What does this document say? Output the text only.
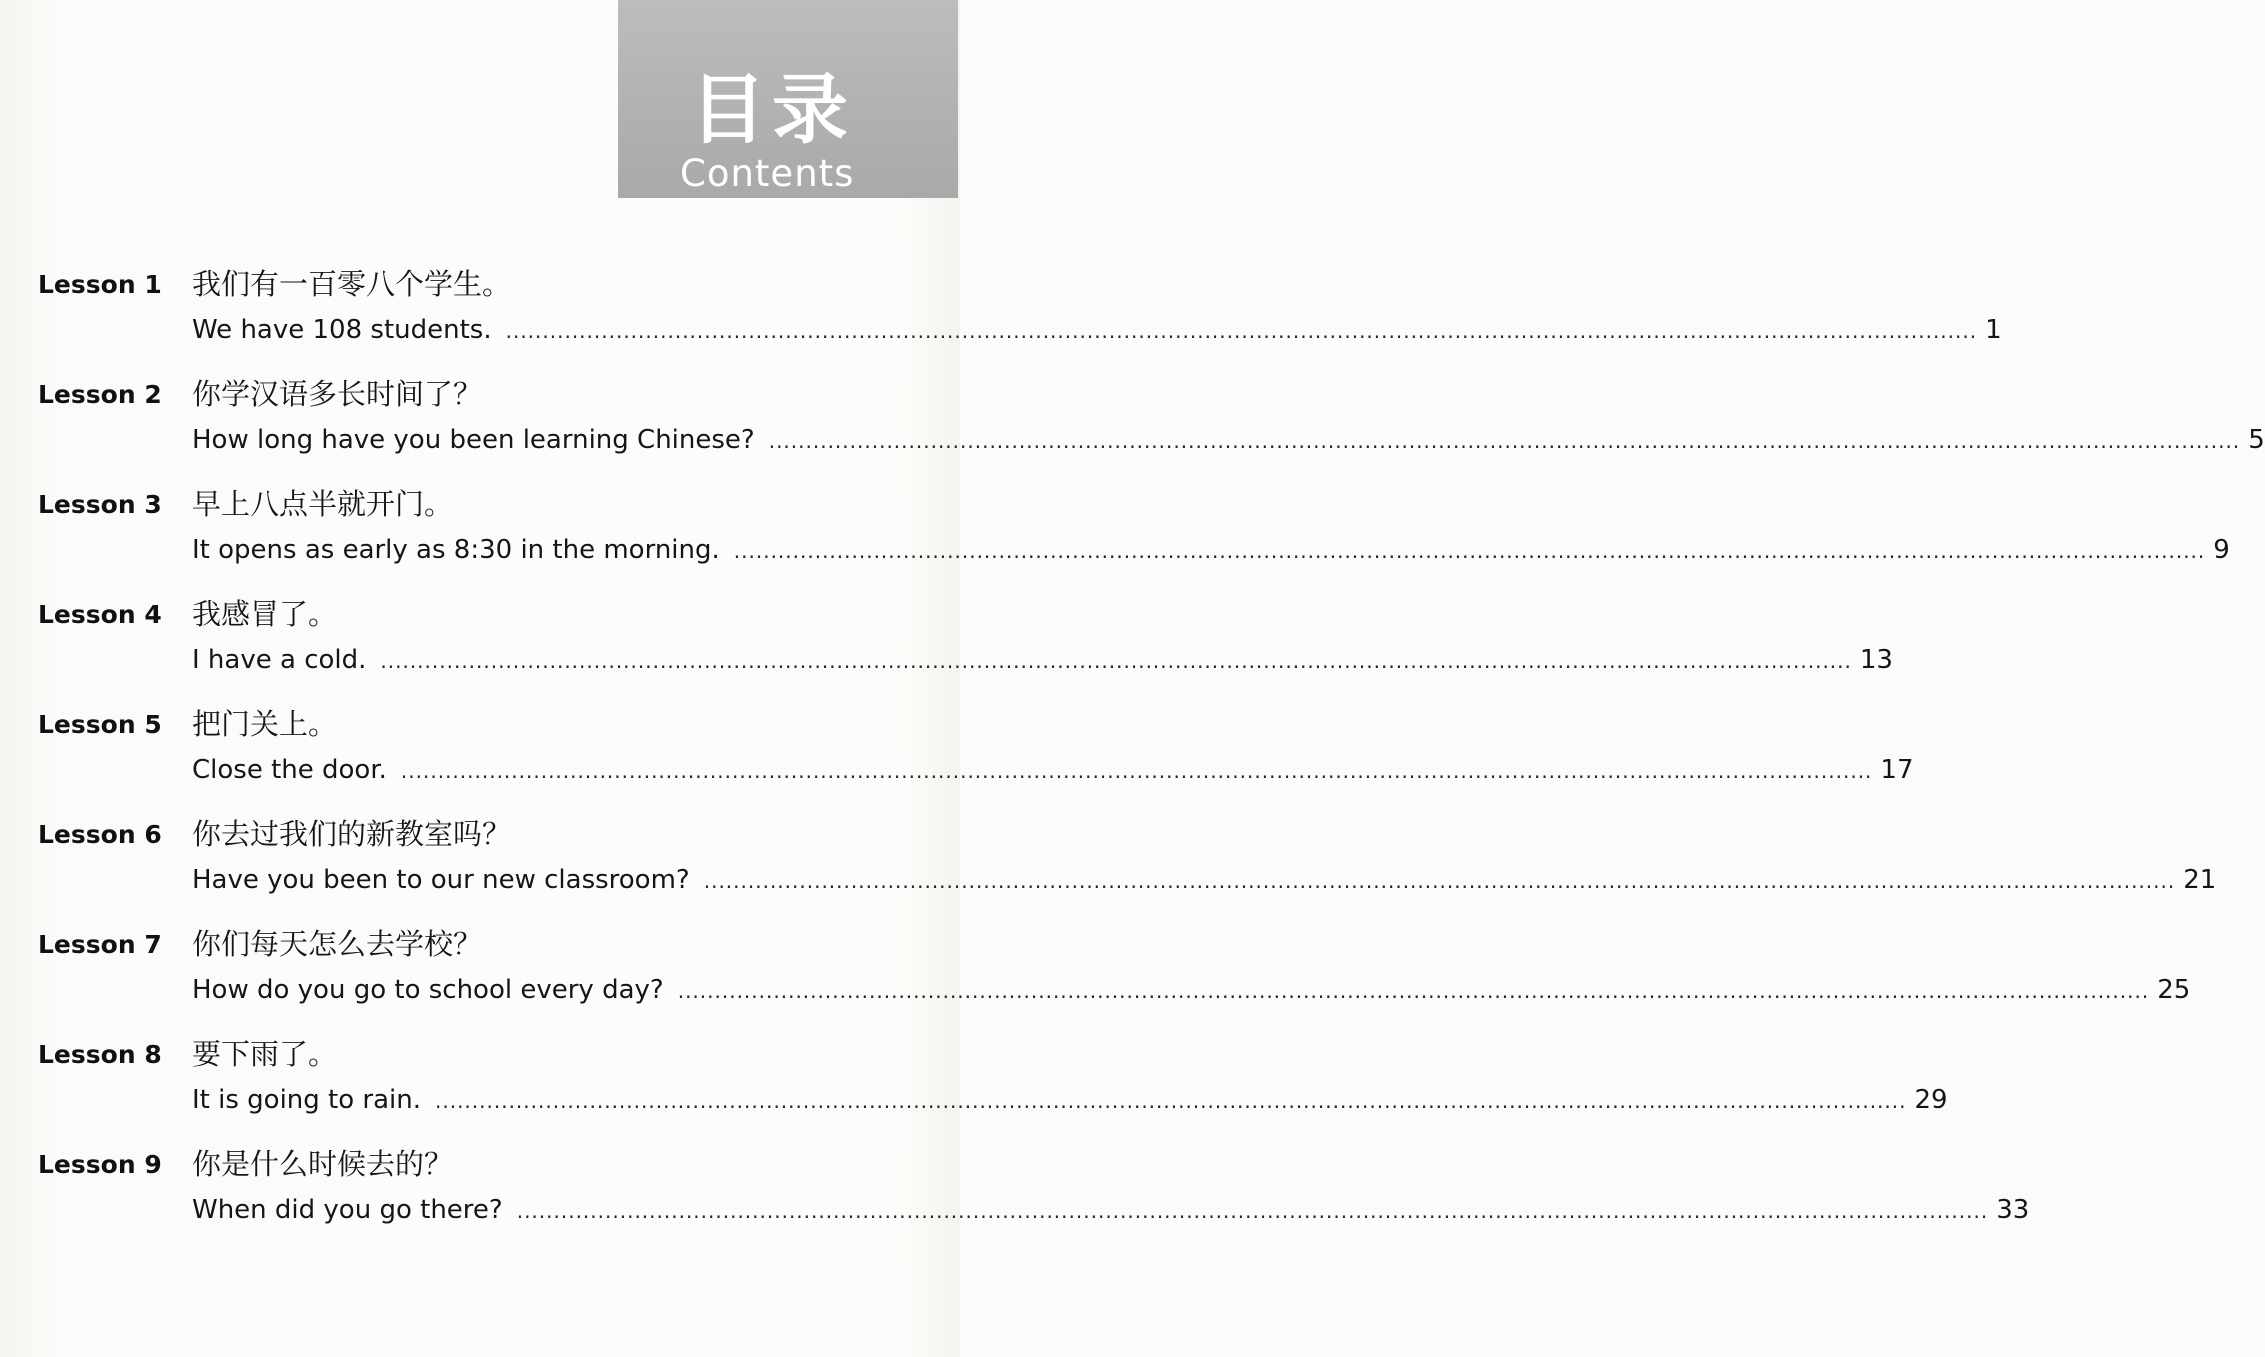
目录
Contents
Lesson 1 我们有一百零八个学生。
We have 108 students. ........................................................................................................................................................................................................ 1
Lesson 2 你学汉语多长时间了？
How long have you been learning Chinese? ........................................................................................................................................................................................................ 5
Lesson 3 早上八点半就开门。
It opens as early as 8:30 in the morning. ........................................................................................................................................................................................................ 9
Lesson 4 我感冒了。
I have a cold. ........................................................................................................................................................................................................ 13
Lesson 5 把门关上。
Close the door. ........................................................................................................................................................................................................ 17
Lesson 6 你去过我们的新教室吗？
Have you been to our new classroom? ........................................................................................................................................................................................................ 21
Lesson 7 你们每天怎么去学校？
How do you go to school every day? ........................................................................................................................................................................................................ 25
Lesson 8 要下雨了。
It is going to rain. ........................................................................................................................................................................................................ 29
Lesson 9 你是什么时候去的？
When did you go there? ........................................................................................................................................................................................................ 33
